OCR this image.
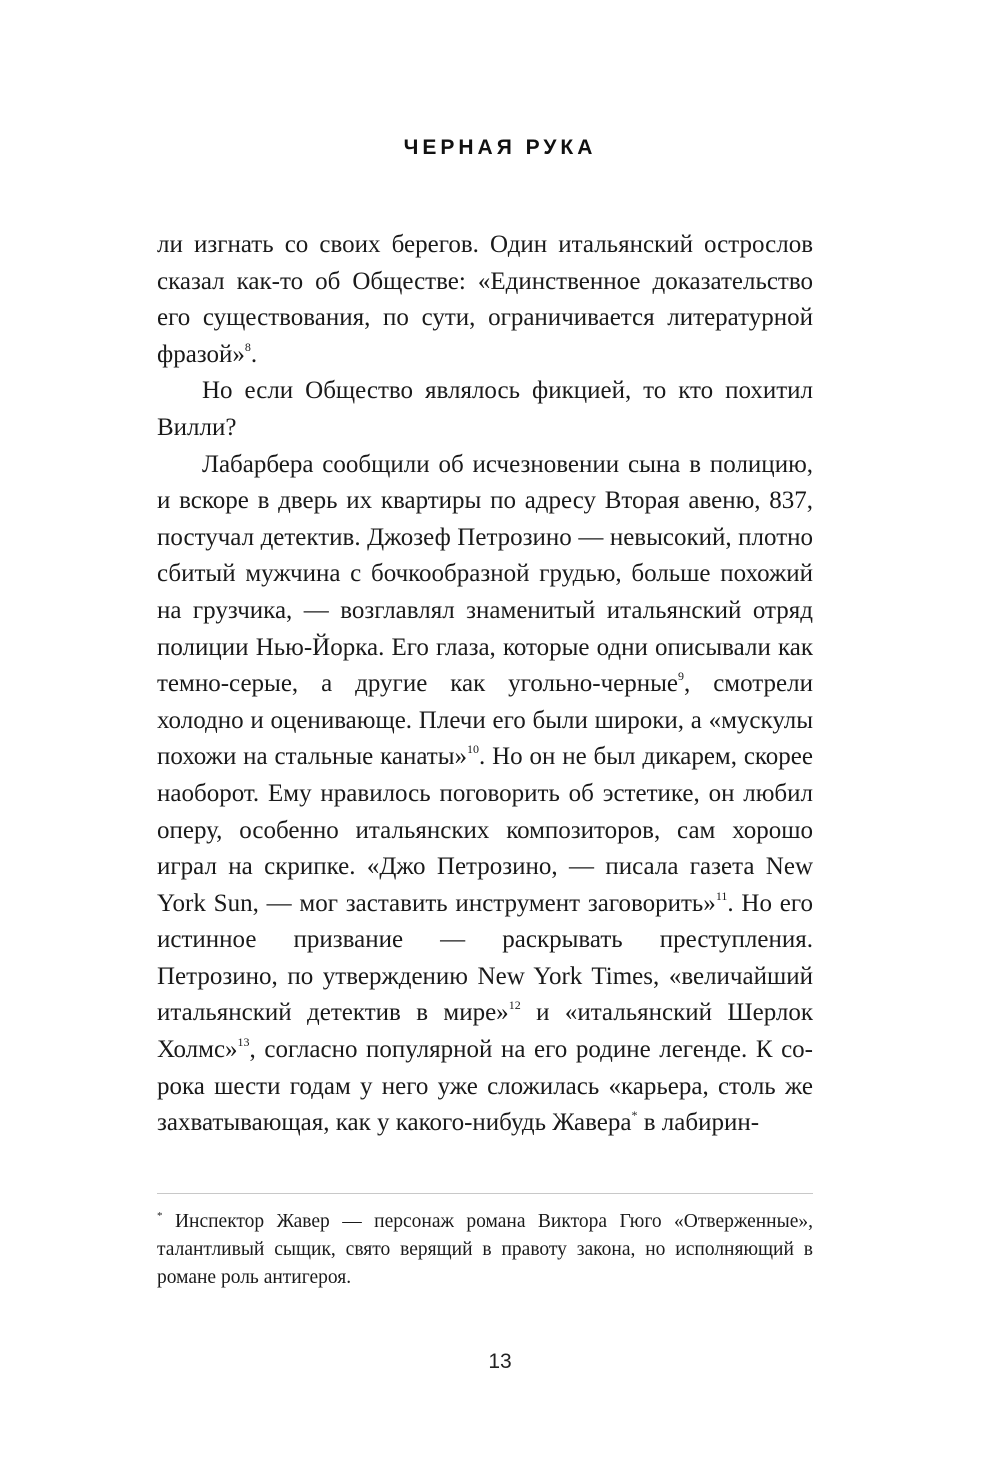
ЧЕРНАЯ РУКА

ли изгнать со своих берегов. Один итальянский острослов сказал как-то об Обществе: «Единственное доказательство его существования, по сути, ограничивается литературной фразой»$^8$.

Но если Общество являлось фикцией, то кто похитил Вилли?

Лабарбера сообщили об исчезновении сына в полицию, и вскоре в дверь их квартиры по адресу Вторая авеню, 837, постучал детектив. Джозеф Петрозино — невысокий, плотно сбитый мужчина с бочкообразной грудью, больше похожий на грузчика, — возглавлял знаменитый итальянский отряд полиции Нью-Йорка. Его глаза, которые одни описывали как темно-серые, а другие как угольно-черные$^9$, смотрели холодно и оценивающе. Плечи его были широки, а «мускулы похожи на стальные канаты»$^{10}$. Но он не был дикарем, скорее наоборот. Ему нравилось поговорить об эстетике, он любил оперу, особенно итальянских композиторов, сам хорошо играл на скрипке. «Джо Петрозино, — писала газета New York Sun, — мог заставить инструмент заговорить»$^{11}$. Но его истинное призвание — раскрывать преступления. Петрозино, по утверждению New York Times, «величайший итальянский детектив в мире»$^{12}$ и «итальянский Шерлок Холмс»$^{13}$, согласно популярной на его родине легенде. К сорока шести годам у него уже сложилась «карьера, столь же захватывающая, как у какого-нибудь Жавера* в лабирин-

* Инспектор Жавер — персонаж романа Виктора Гюго «Отверженные», талантливый сыщик, свято верящий в правоту закона, но исполняющий в романе роль антигероя.
13
